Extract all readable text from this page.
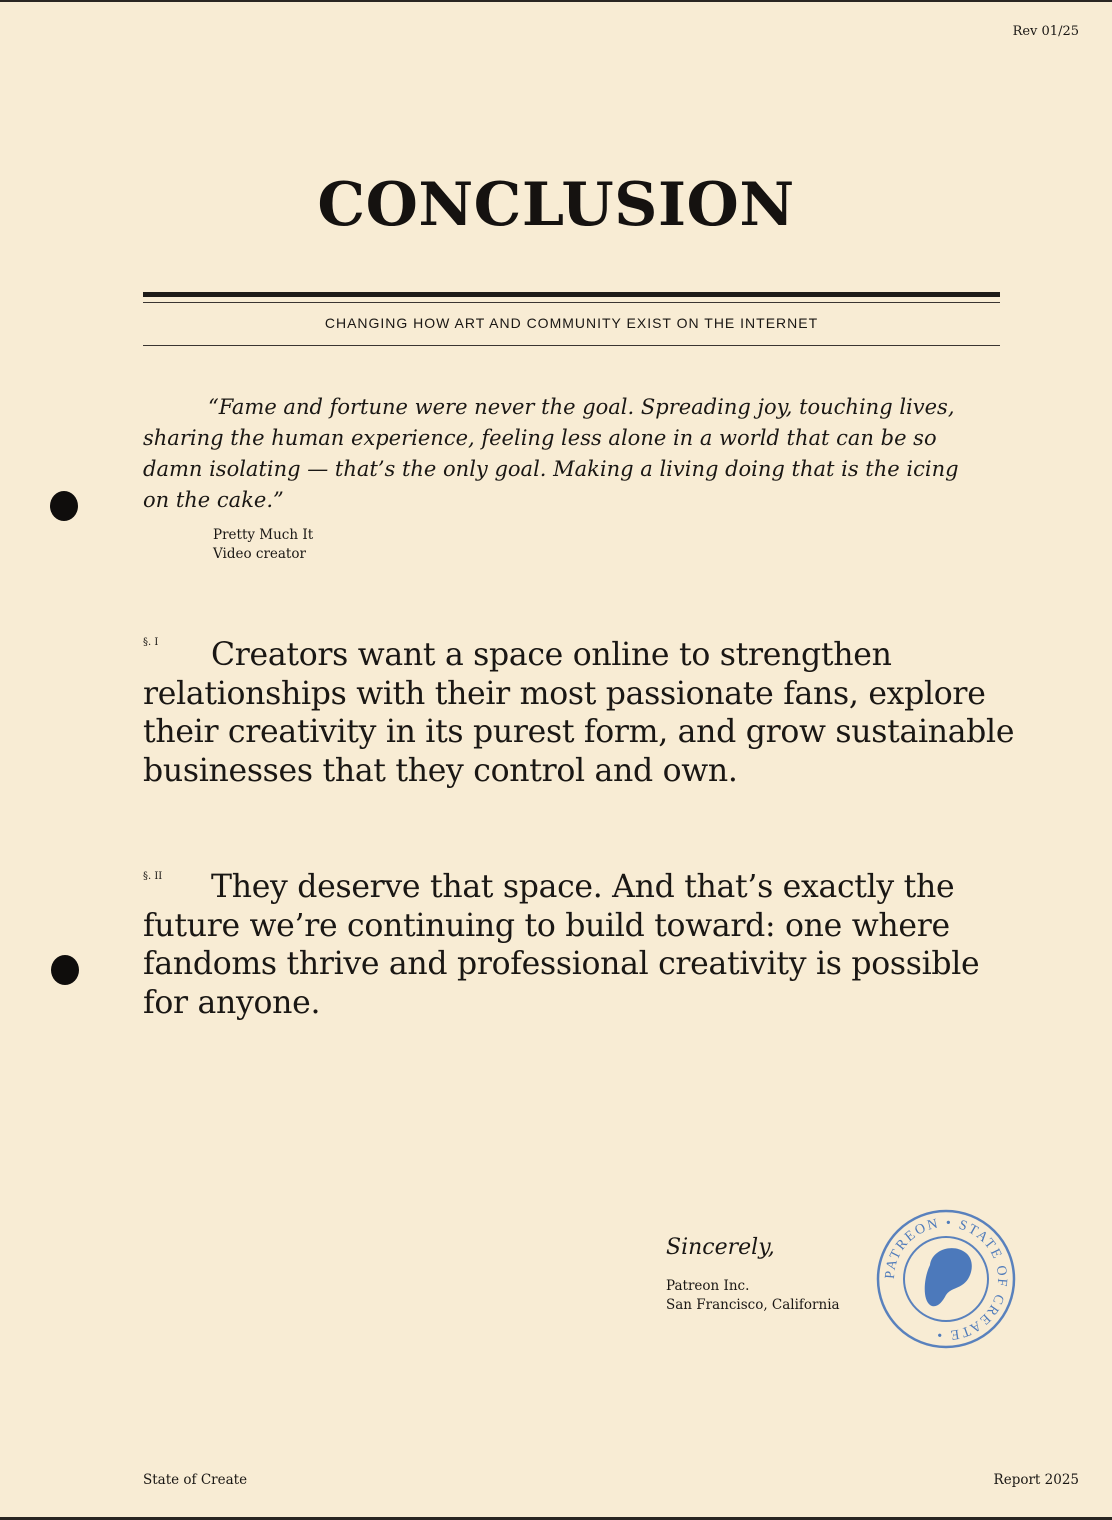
Rev 01/25
CONCLUSION
CHANGING HOW ART AND COMMUNITY EXIST ON THE INTERNET

“Fame and fortune were never the goal. Spreading joy, touching lives, sharing the human experience, feeling less alone in a world that can be so damn isolating — that’s the only goal. Making a living doing that is the icing on the cake.”

Pretty Much It
Video creator
§. I	Creators want a space online to strengthen relationships with their most passionate fans, explore their creativity in its purest form, and grow sustainable businesses that they control and own.

§. II	They deserve that space. And that’s exactly the future we’re continuing to build toward: one where fandoms thrive and professional creativity is possible for anyone.

Sincerely,
Patreon Inc.
San Francisco, California
PATREON • STATE OF CREATE •
State of Create	Report 2025
